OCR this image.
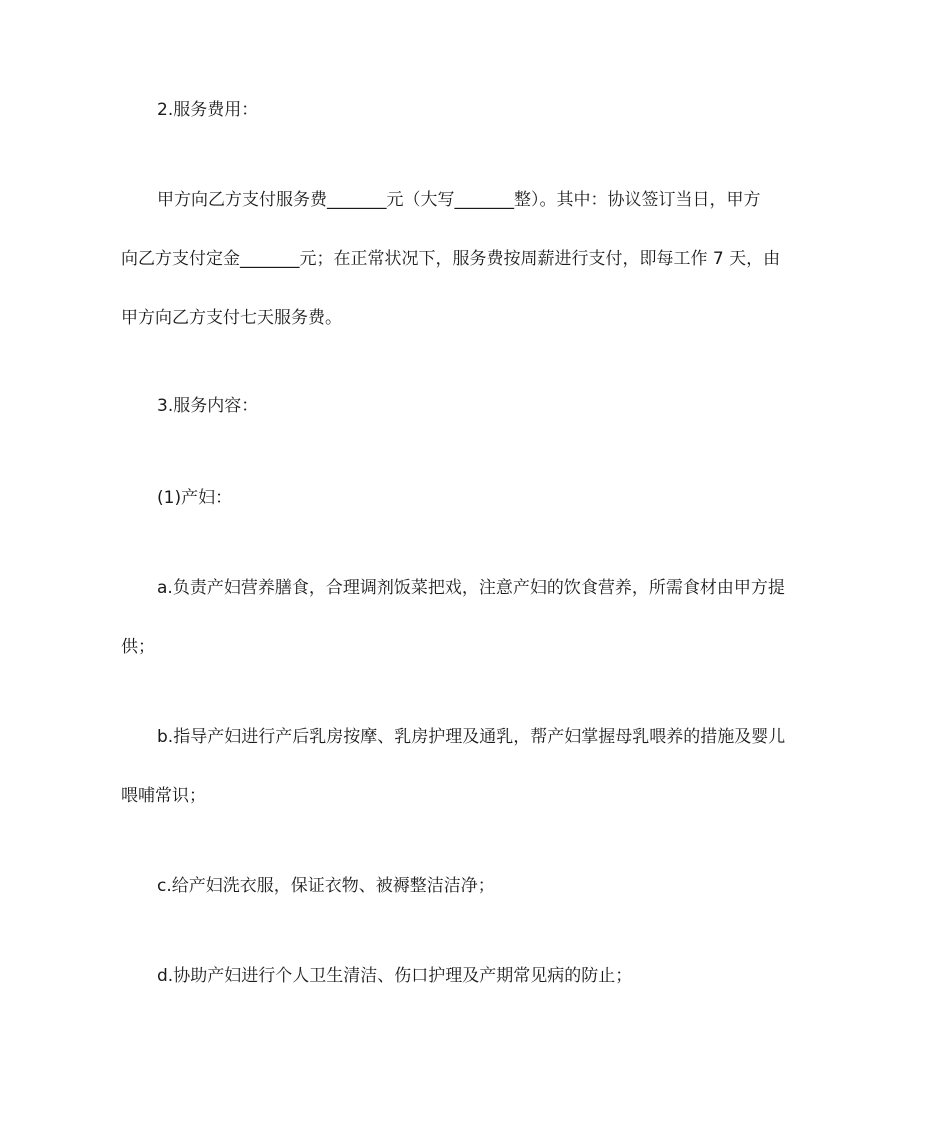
2.服务费用：
甲方向乙方支付服务费_______元（大写_______整）。其中：协议签订当日，甲方
向乙方支付定金_______元；在正常状况下，服务费按周薪进行支付，即每工作 7 天，由
甲方向乙方支付七天服务费。
3.服务内容：
(1)产妇：
a.负责产妇营养膳食，合理调剂饭菜把戏，注意产妇的饮食营养，所需食材由甲方提
供；
b.指导产妇进行产后乳房按摩、乳房护理及通乳，帮产妇掌握母乳喂养的措施及婴儿
喂哺常识；
c.给产妇洗衣服，保证衣物、被褥整洁洁净；
d.协助产妇进行个人卫生清洁、伤口护理及产期常见病的防止；
